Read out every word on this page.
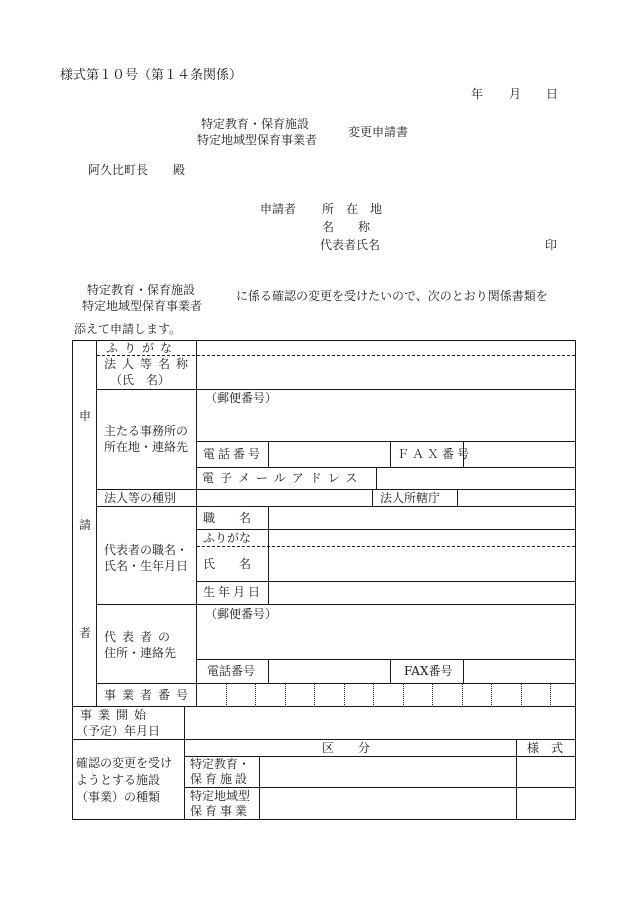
様式第１０号（第１４条関係）
年 月 日
特定教育・保育施設
特定地域型保育事業者
変更申請書
阿久比町長 殿
申請者 所　在　地
名　　称
代表者氏名	印
特定教育・保育施設
特定地域型保育事業者
に係る確認の変更を受けたいので、次のとおり関係書類を
添えて申請します。
申
請
者
ふりがな
法人等名称
（氏　名）
主たる事務所の
所在地・連絡先
（郵便番号）
電話番号	ＦＡＸ番号
電子メールアドレス
法人等の種別	法人所轄庁
代表者の職名・
氏名・生年月日
職　　名
ふりがな
氏　　名
生年月日
代表者の
住所・連絡先
（郵便番号）
電話番号	FAX番号
事業者番号
事業開始
（予定）年月日
区　　分	様　式
確認の変更を受け
ようとする施設
（事業）の種類
特定教育・
保育施設
特定地域型
保育事業
